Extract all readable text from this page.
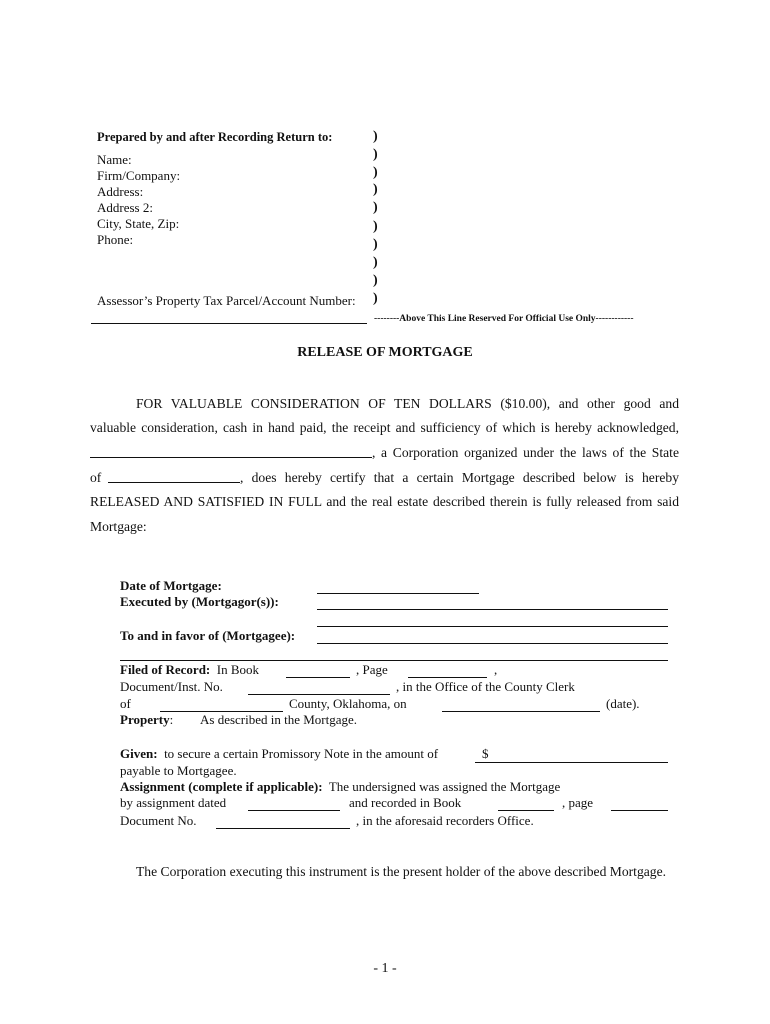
Prepared by and after Recording Return to:
Name:
Firm/Company:
Address:
Address 2:
City, State, Zip:
Phone:
Assessor’s Property Tax Parcel/Account Number:
)
)
)
)
)
)
)
)
)
)
--------Above This Line Reserved For Official Use Only------------
RELEASE OF MORTGAGE
FOR VALUABLE CONSIDERATION OF TEN DOLLARS ($10.00), and other good and
valuable consideration, cash in hand paid, the receipt and sufficiency of which is hereby acknowledged,
, a Corporation organized under the laws of the State
of	, does hereby certify that a certain Mortgage described below is hereby
RELEASED AND SATISFIED IN FULL and the real estate described therein is fully released from said
Mortgage:
Date of Mortgage:
Executed by (Mortgagor(s)):
To and in favor of (Mortgagee):
Filed of Record: In Book	, Page	,
Document/Inst. No.	, in the Office of the County Clerk
of	County, Oklahoma, on	(date).
Property: As described in the Mortgage.
Given: to secure a certain Promissory Note in the amount of	$
payable to Mortgagee.
Assignment (complete if applicable): The undersigned was assigned the Mortgage
by assignment dated	and recorded in Book	, page
Document No.	, in the aforesaid recorders Office.
The Corporation executing this instrument is the present holder of the above described Mortgage.
- 1 -
